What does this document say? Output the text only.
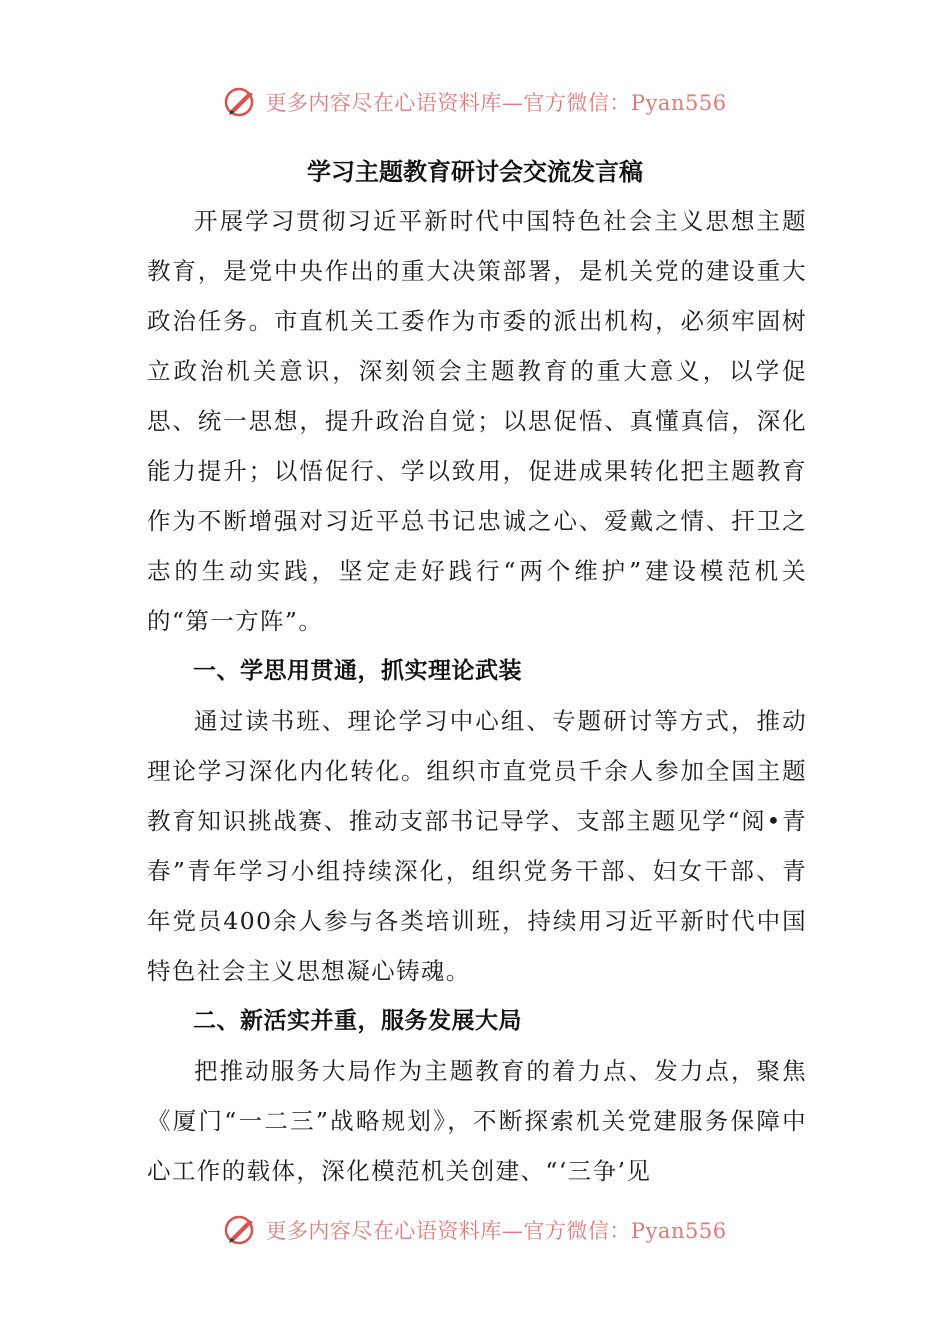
更多内容尽在心语资料库—官方微信：Pyan556
学习主题教育研讨会交流发言稿

开展学习贯彻习近平新时代中国特色社会主义思想主题教育，是党中央作出的重大决策部署，是机关党的建设重大政治任务。市直机关工委作为市委的派出机构，必须牢固树立政治机关意识，深刻领会主题教育的重大意义，以学促思、统一思想，提升政治自觉；以思促悟、真懂真信，深化能力提升；以悟促行、学以致用，促进成果转化把主题教育作为不断增强对习近平总书记忠诚之心、爱戴之情、扞卫之志的生动实践，坚定走好践行“两个维护”建设模范机关的“第一方阵”。

一、学思用贯通，抓实理论武装

通过读书班、理论学习中心组、专题研讨等方式，推动理论学习深化内化转化。组织市直党员千余人参加全国主题教育知识挑战赛、推动支部书记导学、支部主题见学“阅•青春”青年学习小组持续深化，组织党务干部、妇女干部、青年党员400余人参与各类培训班，持续用习近平新时代中国特色社会主义思想凝心铸魂。

二、新活实并重，服务发展大局

把推动服务大局作为主题教育的着力点、发力点，聚焦《厦门“一二三”战略规划》，不断探索机关党建服务保障中心工作的载体，深化模范机关创建、“‘三争’见

更多内容尽在心语资料库—官方微信：Pyan556
